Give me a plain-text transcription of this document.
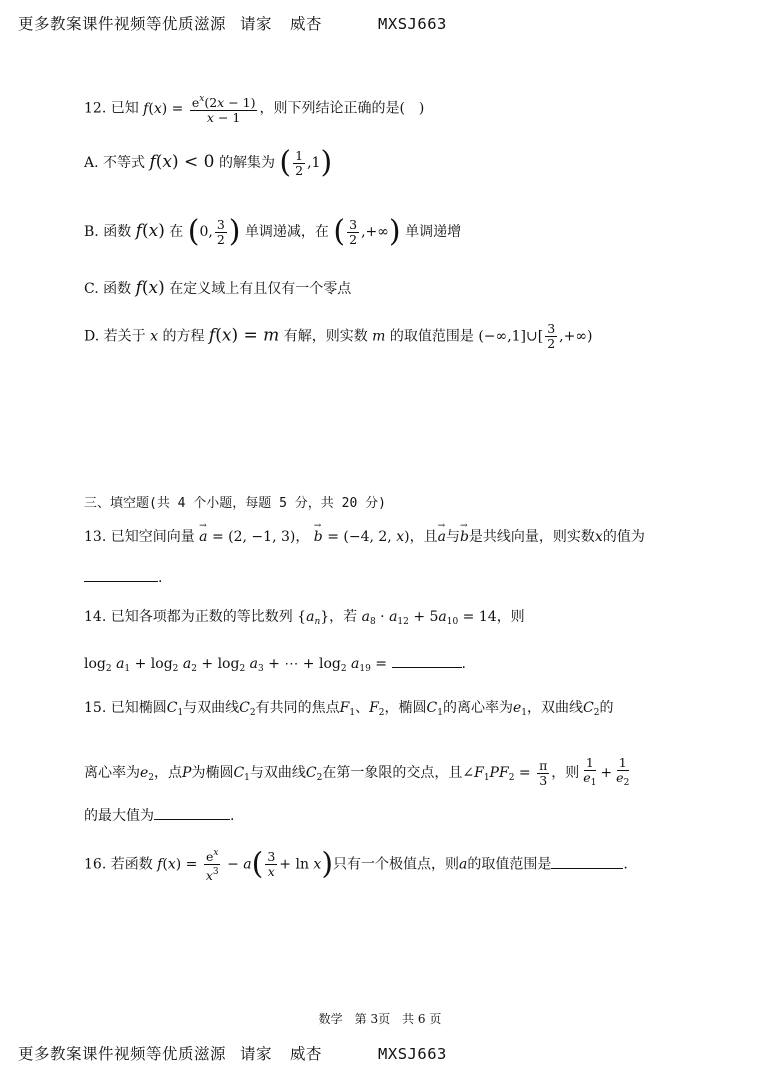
更多教案课件视频等优质滋源 请家 威杏	MXSJ663
12. 已知 $f(x) = \frac{e^x(2x - 1)}{x - 1}$ ，则下列结论正确的是(　)
A. 不等式 f(x) < 0 的解集为 ( $\frac{1}{2} ,1$)
B. 函数 f(x) 在 (0, $\frac{3}{2}$ ) 单调递减，在 ( $\frac{3}{2}$ ,+∞) 单调递增
C. 函数 f(x) 在定义域上有且仅有一个零点
D. 若关于 x 的方程 f(x) = m 有解，则实数 m 的取值范围是 (−∞,1]∪[ $\frac{3}{2}$ ,+∞)
三、填空题(共 4 个小题，每题 5 分，共 20 分)
13. 已知空间向量 → a = (2, −1, 3)， → b = (−4, 2, x)，且→ a与→ b是共线向量，则实数x的值为
.
14. 已知各项都为正数的等比数列 $\{a_n\}$，若 $a_8 \cdot a_{12} + 5a_{10} = 14$，则
$\log_2 a_1 + \log_2 a_2 + \log_2 a_3$ + ⋯ + $\log_2 a_{19}$ =	.
15. 已知椭圆$C_1$与双曲线$C_2$有共同的焦点$F_1$、$F_2$，椭圆$C_1$的离心率为$e_1$，双曲线$C_2$的
离心率为$e_2$，点P为椭圆$C_1$与双曲线$C_2$在第一象限的交点，且$\angle F_1PF_2 = \frac{\pi}{3}$ ，则 $\frac{1}{e_1} + \frac{1}{e_2}$
的最大值为	.
16. 若函数 $f(x) = \frac{e^x}{x^3} - a( \frac{3}{x} + \ln x)$只有一个极值点，则a的取值范围是	.
数学　第 3页　共 6 页
更多教案课件视频等优质滋源 请家 威杏	MXSJ663
